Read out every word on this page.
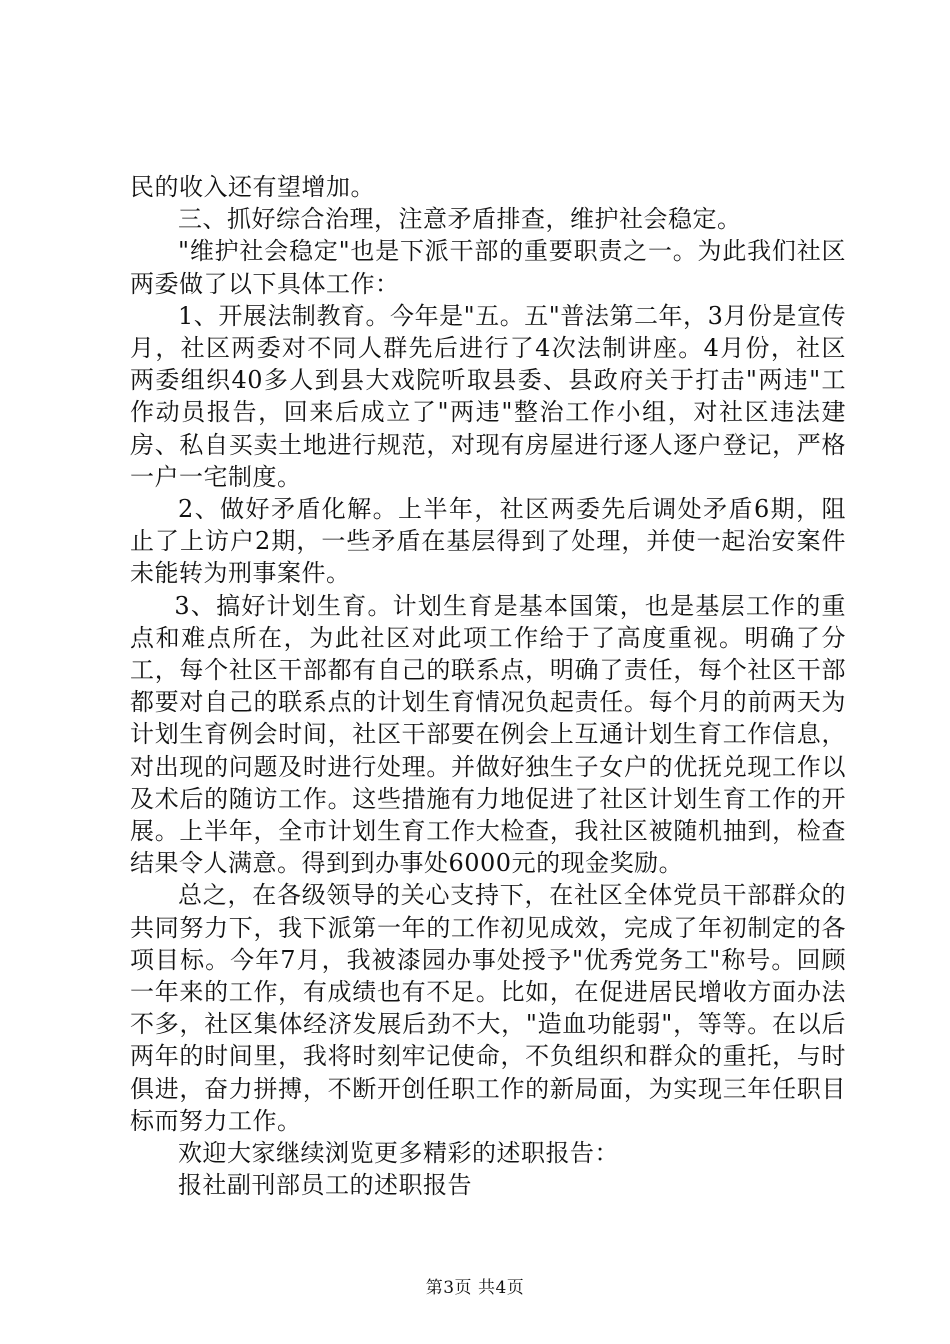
民的收入还有望增加。

三、抓好综合治理，注意矛盾排查，维护社会稳定。

"维护社会稳定"也是下派干部的重要职责之一。为此我们社区两委做了以下具体工作：

1、开展法制教育。今年是"五。五"普法第二年，3月份是宣传月，社区两委对不同人群先后进行了4次法制讲座。4月份，社区两委组织40多人到县大戏院听取县委、县政府关于打击"两违"工作动员报告，回来后成立了"两违"整治工作小组，对社区违法建房、私自买卖土地进行规范，对现有房屋进行逐人逐户登记，严格一户一宅制度。

2、做好矛盾化解。上半年，社区两委先后调处矛盾6期，阻止了上访户2期，一些矛盾在基层得到了处理，并使一起治安案件未能转为刑事案件。

3、搞好计划生育。计划生育是基本国策，也是基层工作的重点和难点所在，为此社区对此项工作给于了高度重视。明确了分工，每个社区干部都有自己的联系点，明确了责任，每个社区干部都要对自己的联系点的计划生育情况负起责任。每个月的前两天为计划生育例会时间，社区干部要在例会上互通计划生育工作信息，对出现的问题及时进行处理。并做好独生子女户的优抚兑现工作以及术后的随访工作。这些措施有力地促进了社区计划生育工作的开展。上半年，全市计划生育工作大检查，我社区被随机抽到，检查结果令人满意。得到到办事处6000元的现金奖励。

总之，在各级领导的关心支持下，在社区全体党员干部群众的共同努力下，我下派第一年的工作初见成效，完成了年初制定的各项目标。今年7月，我被漆园办事处授予"优秀党务工"称号。回顾一年来的工作，有成绩也有不足。比如，在促进居民增收方面办法不多，社区集体经济发展后劲不大，"造血功能弱"，等等。在以后两年的时间里，我将时刻牢记使命，不负组织和群众的重托，与时俱进，奋力拼搏，不断开创任职工作的新局面，为实现三年任职目标而努力工作。

欢迎大家继续浏览更多精彩的述职报告：

报社副刊部员工的述职报告

第3页 共4页
